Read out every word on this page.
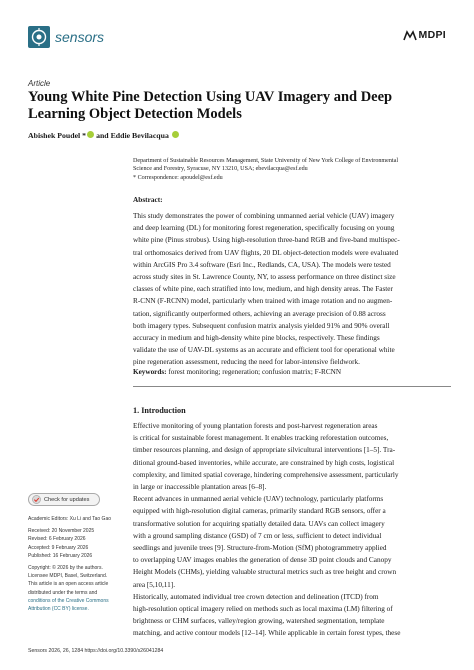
sensors	MDPI
Article
Young White Pine Detection Using UAV Imagery and Deep
Learning Object Detection Models
Abishek Poudel * and Eddie Bevilacqua
Department of Sustainable Resources Management, State University of New York College of Environmental
Science and Forestry, Syracuse, NY 13210, USA; ebevilacqua@esf.edu
* Correspondence: apoudel@esf.edu
Abstract:
This study demonstrates the power of combining unmanned aerial vehicle (UAV) imagery
and deep learning (DL) for monitoring forest regeneration, specifically focusing on young
white pine (Pinus strobus). Using high-resolution three-band RGB and five-band multispec-
tral orthomosaics derived from UAV flights, 20 DL object-detection models were evaluated
within ArcGIS Pro 3.4 software (Esri Inc., Redlands, CA, USA). The models were tested
across study sites in St. Lawrence County, NY, to assess performance on three distinct size
classes of white pine, each stratified into low, medium, and high density areas. The Faster
R-CNN (F-RCNN) model, particularly when trained with image rotation and no augmen-
tation, significantly outperformed others, achieving an average precision of 0.88 across
both imagery types. Subsequent confusion matrix analysis yielded 91% and 90% overall
accuracy in medium and high-density white pine blocks, respectively. These findings
validate the use of UAV-DL systems as an accurate and efficient tool for operational white
pine regeneration assessment, reducing the need for labor-intensive fieldwork.
Keywords: forest monitoring; regeneration; confusion matrix; F-RCNN
1. Introduction
Effective monitoring of young plantation forests and post-harvest regeneration areas
is critical for sustainable forest management. It enables tracking reforestation outcomes,
timber resources planning, and design of appropriate silvicultural interventions [1–5]. Tra-
ditional ground-based inventories, while accurate, are constrained by high costs, logistical
complexity, and limited spatial coverage, hindering comprehensive assessment, particularly
in large or inaccessible plantation areas [6–8].
Recent advances in unmanned aerial vehicle (UAV) technology, particularly platforms
equipped with high-resolution digital cameras, primarily standard RGB sensors, offer a
transformative solution for acquiring spatially detailed data. UAVs can collect imagery
with a ground sampling distance (GSD) of 7 cm or less, sufficient to detect individual
seedlings and juvenile trees [9]. Structure-from-Motion (SfM) photogrammetry applied
to overlapping UAV images enables the generation of dense 3D point clouds and Canopy
Height Models (CHMs), yielding valuable structural metrics such as tree height and crown
area [5,10,11].
Historically, automated individual tree crown detection and delineation (ITCD) from
high-resolution optical imagery relied on methods such as local maxima (LM) filtering of
brightness or CHM surfaces, valley/region growing, watershed segmentation, template
matching, and active contour models [12–14]. While applicable in certain forest types, these
Check for updates
Academic Editors: Xu Li and Tao Gao
Received: 20 November 2025
Revised: 6 February 2026
Accepted: 9 February 2026
Published: 16 February 2026
Copyright: © 2026 by the authors.
Licensee MDPI, Basel, Switzerland.
This article is an open access article
distributed under the terms and
conditions of the Creative Commons
Attribution (CC BY) license.
Sensors 2026, 26, 1284 https://doi.org/10.3390/s26041284
